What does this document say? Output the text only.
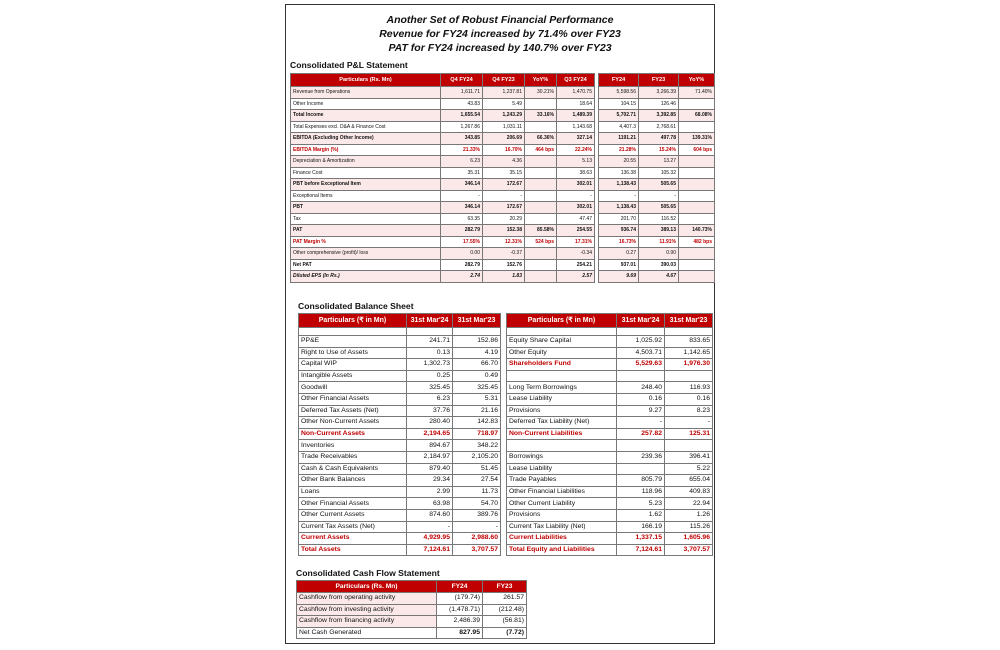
Another Set of Robust Financial Performance
Revenue for FY24 increased by 71.4% over FY23
PAT for FY24 increased by 140.7% over FY23
Consolidated P&L Statement
Particulars (Rs. Mn)	Q4 FY24	Q4 FY23	YoY%	Q3 FY24		FY24	FY23	YoY%
Revenue from Operations	1,611.71	1,237.81	30.21%	1,470.75		5,598.56	3,266.39	71.40%
Other Income	43.83	5.49		18.64		104.15	126.46	
Total Income	1,655.54	1,243.29	33.16%	1,489.39		5,702.71	3,392.85	68.08%
Total Expenses excl. D&A & Finance Cost	1,267.86	1,031.11		1,143.68		4,407.3	2,768.61	
EBITDA (Excluding Other Income)	343.85	206.69	66.36%	327.14		1191.21	497.78	139.31%
EBITDA Margin (%)	21.33%	16.70%	464 bps	22.24%		21.28%	15.24%	604 bps
Depreciation & Amortization	6.23	4.36		5.13		20.55	13.27	
Finance Cost	35.31	35.15		38.63		136.38	105.32	
PBT before Exceptional Item	346.14	172.67		302.01		1,138.43	505.65	
Exceptional Items	-	-		-		-	-	
PBT	346.14	172.67		302.01		1,138.43	505.65	
Tax	63.35	20.29		47.47		201.70	116.52	
PAT	282.79	152.38	85.58%	254.55		936.74	389.13	140.73%
PAT Margin %	17.55%	12.31%	524 bps	17.31%		16.73%	11.91%	482 bps
Other comprehensive (profit)/ loss	0.00	-0.37		-0.34		0.27	0.90	
Net PAT	282.79	152.76		254.21		937.01	390.03	
Diluted EPS (In Rs.)	2.74	1.83		2.57		9.69	4.67	
Consolidated Balance Sheet
Particulars (₹ in Mn)	31st Mar'24	31st Mar'23

PP&E	241.71	152.86
Right to Use of Assets	0.13	4.19
Capital WIP	1,302.73	66.70
Intangible Assets	0.25	0.49
Goodwill	325.45	325.45
Other Financial Assets	6.23	5.31
Deferred Tax Assets (Net)	37.76	21.16
Other Non-Current Assets	280.40	142.83
Non-Current Assets	2,194.65	718.97
Inventories	894.67	348.22
Trade Receivables	2,184.97	2,105.20
Cash & Cash Equivalents	879.40	51.45
Other Bank Balances	29.34	27.54
Loans	2.99	11.73
Other Financial Assets	63.98	54.70
Other Current Assets	874.60	389.76
Current Tax Assets (Net)	-	-
Current Assets	4,929.95	2,988.60
Total Assets	7,124.61	3,707.57
Particulars (₹ in Mn)	31st Mar'24	31st Mar'23

Equity Share Capital	1,025.92	833.65
Other Equity	4,503.71	1,142.65
Shareholders Fund	5,529.63	1,976.30

Long Term Borrowings	248.40	116.93
Lease Liability	0.16	0.16
Provisions	9.27	8.23
Deferred Tax Liability (Net)	-	-
Non-Current Liabilities	257.82	125.31

Borrowings	239.36	396.41
Lease Liability		5.22
Trade Payables	805.79	655.04
Other Financial Liabilities	118.96	409.83
Other Current Liability	5.23	22.94
Provisions	1.62	1.26
Current Tax Liability (Net)	166.19	115.26
Current Liabilities	1,337.15	1,605.96
Total Equity and Liabilities	7,124.61	3,707.57
Consolidated Cash Flow Statement
Particulars (Rs. Mn)	FY24	FY23
Cashflow from operating activity	(179.74)	261.57
Cashflow from investing activity	(1,478.71)	(212.48)
Cashflow from financing activity	2,486.39	(56.81)
Net Cash Generated	827.95	(7.72)
